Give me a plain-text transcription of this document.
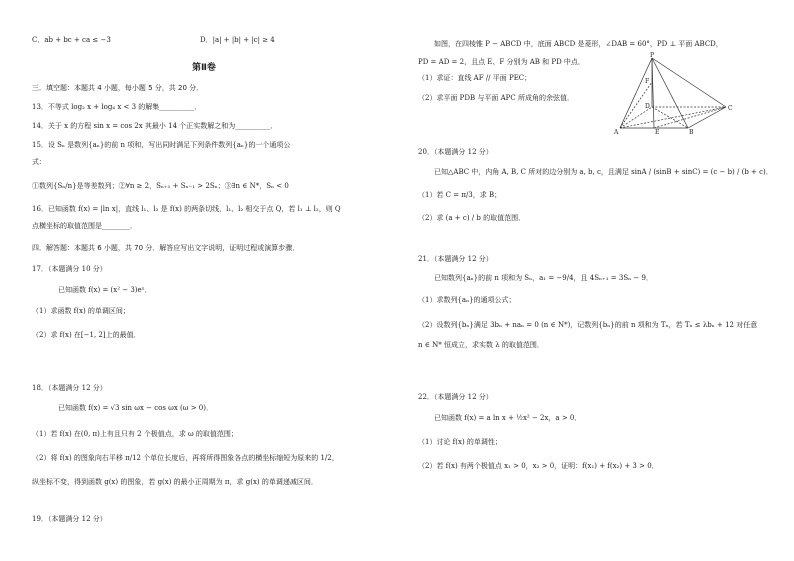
C．ab + bc + ca ≤ −3	D．|a| + |b| + |c| ≥ 4
第Ⅱ卷
三．填空题：本题共 4 小题，每小题 5 分，共 20 分．
13．不等式 log₂ x + log₄ x < 3 的解集__________．
14．关于 x 的方程 sin x = cos 2x 其最小 14 个正实数解之和为__________．
15．设 Sₙ 是数列{aₙ}的前 n 项和，写出同时满足下列条件数列{aₙ}的一个通项公
式：
①数列{Sₙ/n}是等差数列；②∀n ≥ 2，Sₙ₊₁ + Sₙ₋₁ > 2Sₙ；③∃n ∈ N*，Sₙ < 0
16．已知函数 f(x) = |ln x|，直线 l₁、l₂ 是 f(x) 的两条切线，l₁、l₂ 相交于点 Q，若 l₁ ⊥ l₂，则 Q
点横坐标的取值范围是________．
四．解答题：本题共 6 小题，共 70 分．解答应写出文字说明，证明过程或演算步骤．
17．（本题满分 10 分）
已知函数 f(x) = (x² − 3)eˣ．
（1）求函数 f(x) 的单调区间；
（2）求 f(x) 在[−1, 2]上的最值．
18．（本题满分 12 分）
已知函数 f(x) = √3 sin ωx − cos ωx (ω > 0)．
（1）若 f(x) 在(0, π)上有且只有 2 个极值点，求 ω 的取值范围；
（2）将 f(x) 的图象向右平移 π/12 个单位长度后，再将所得图象各点的横坐标缩短为原来的 1/2，
纵坐标不变，得到函数 g(x) 的图象，若 g(x) 的最小正周期为 π，求 g(x) 的单调递减区间．
19．（本题满分 12 分）
如图，在四棱锥 P − ABCD 中，底面 ABCD 是菱形，∠DAB = 60°，PD ⊥ 平面 ABCD，
PD = AD = 2，且点 E、F 分别为 AB 和 PD 中点．
（1）求证：直线 AF // 平面 PEC；
（2）求平面 PDB 与平面 APC 所成角的余弦值．
P
A	B
C
D
E
F
20．（本题满分 12 分）
已知△ABC 中，内角 A, B, C 所对的边分别为 a, b, c，且满足 sinA / (sinB + sinC) = (c − b) / (b + c)．
（1）若 C = π/3，求 B；
（2）求 (a + c) / b 的取值范围．
21．（本题满分 12 分）
已知数列{aₙ}的前 n 项和为 Sₙ，a₁ = −9/4，且 4Sₙ₊₁ = 3Sₙ − 9．
（1）求数列{aₙ}的通项公式；
（2）设数列{bₙ}满足 3bₙ + naₙ = 0 (n ∈ N*)，记数列{bₙ}的前 n 项和为 Tₙ，若 Tₙ ≤ λbₙ + 12 对任意
n ∈ N* 恒成立，求实数 λ 的取值范围．
22．（本题满分 12 分）
已知函数 f(x) = a ln x + ½x² − 2x，a > 0．
（1）讨论 f(x) 的单调性；
（2）若 f(x) 有两个极值点 x₁ > 0，x₂ > 0，证明：f(x₁) + f(x₂) + 3 > 0．
